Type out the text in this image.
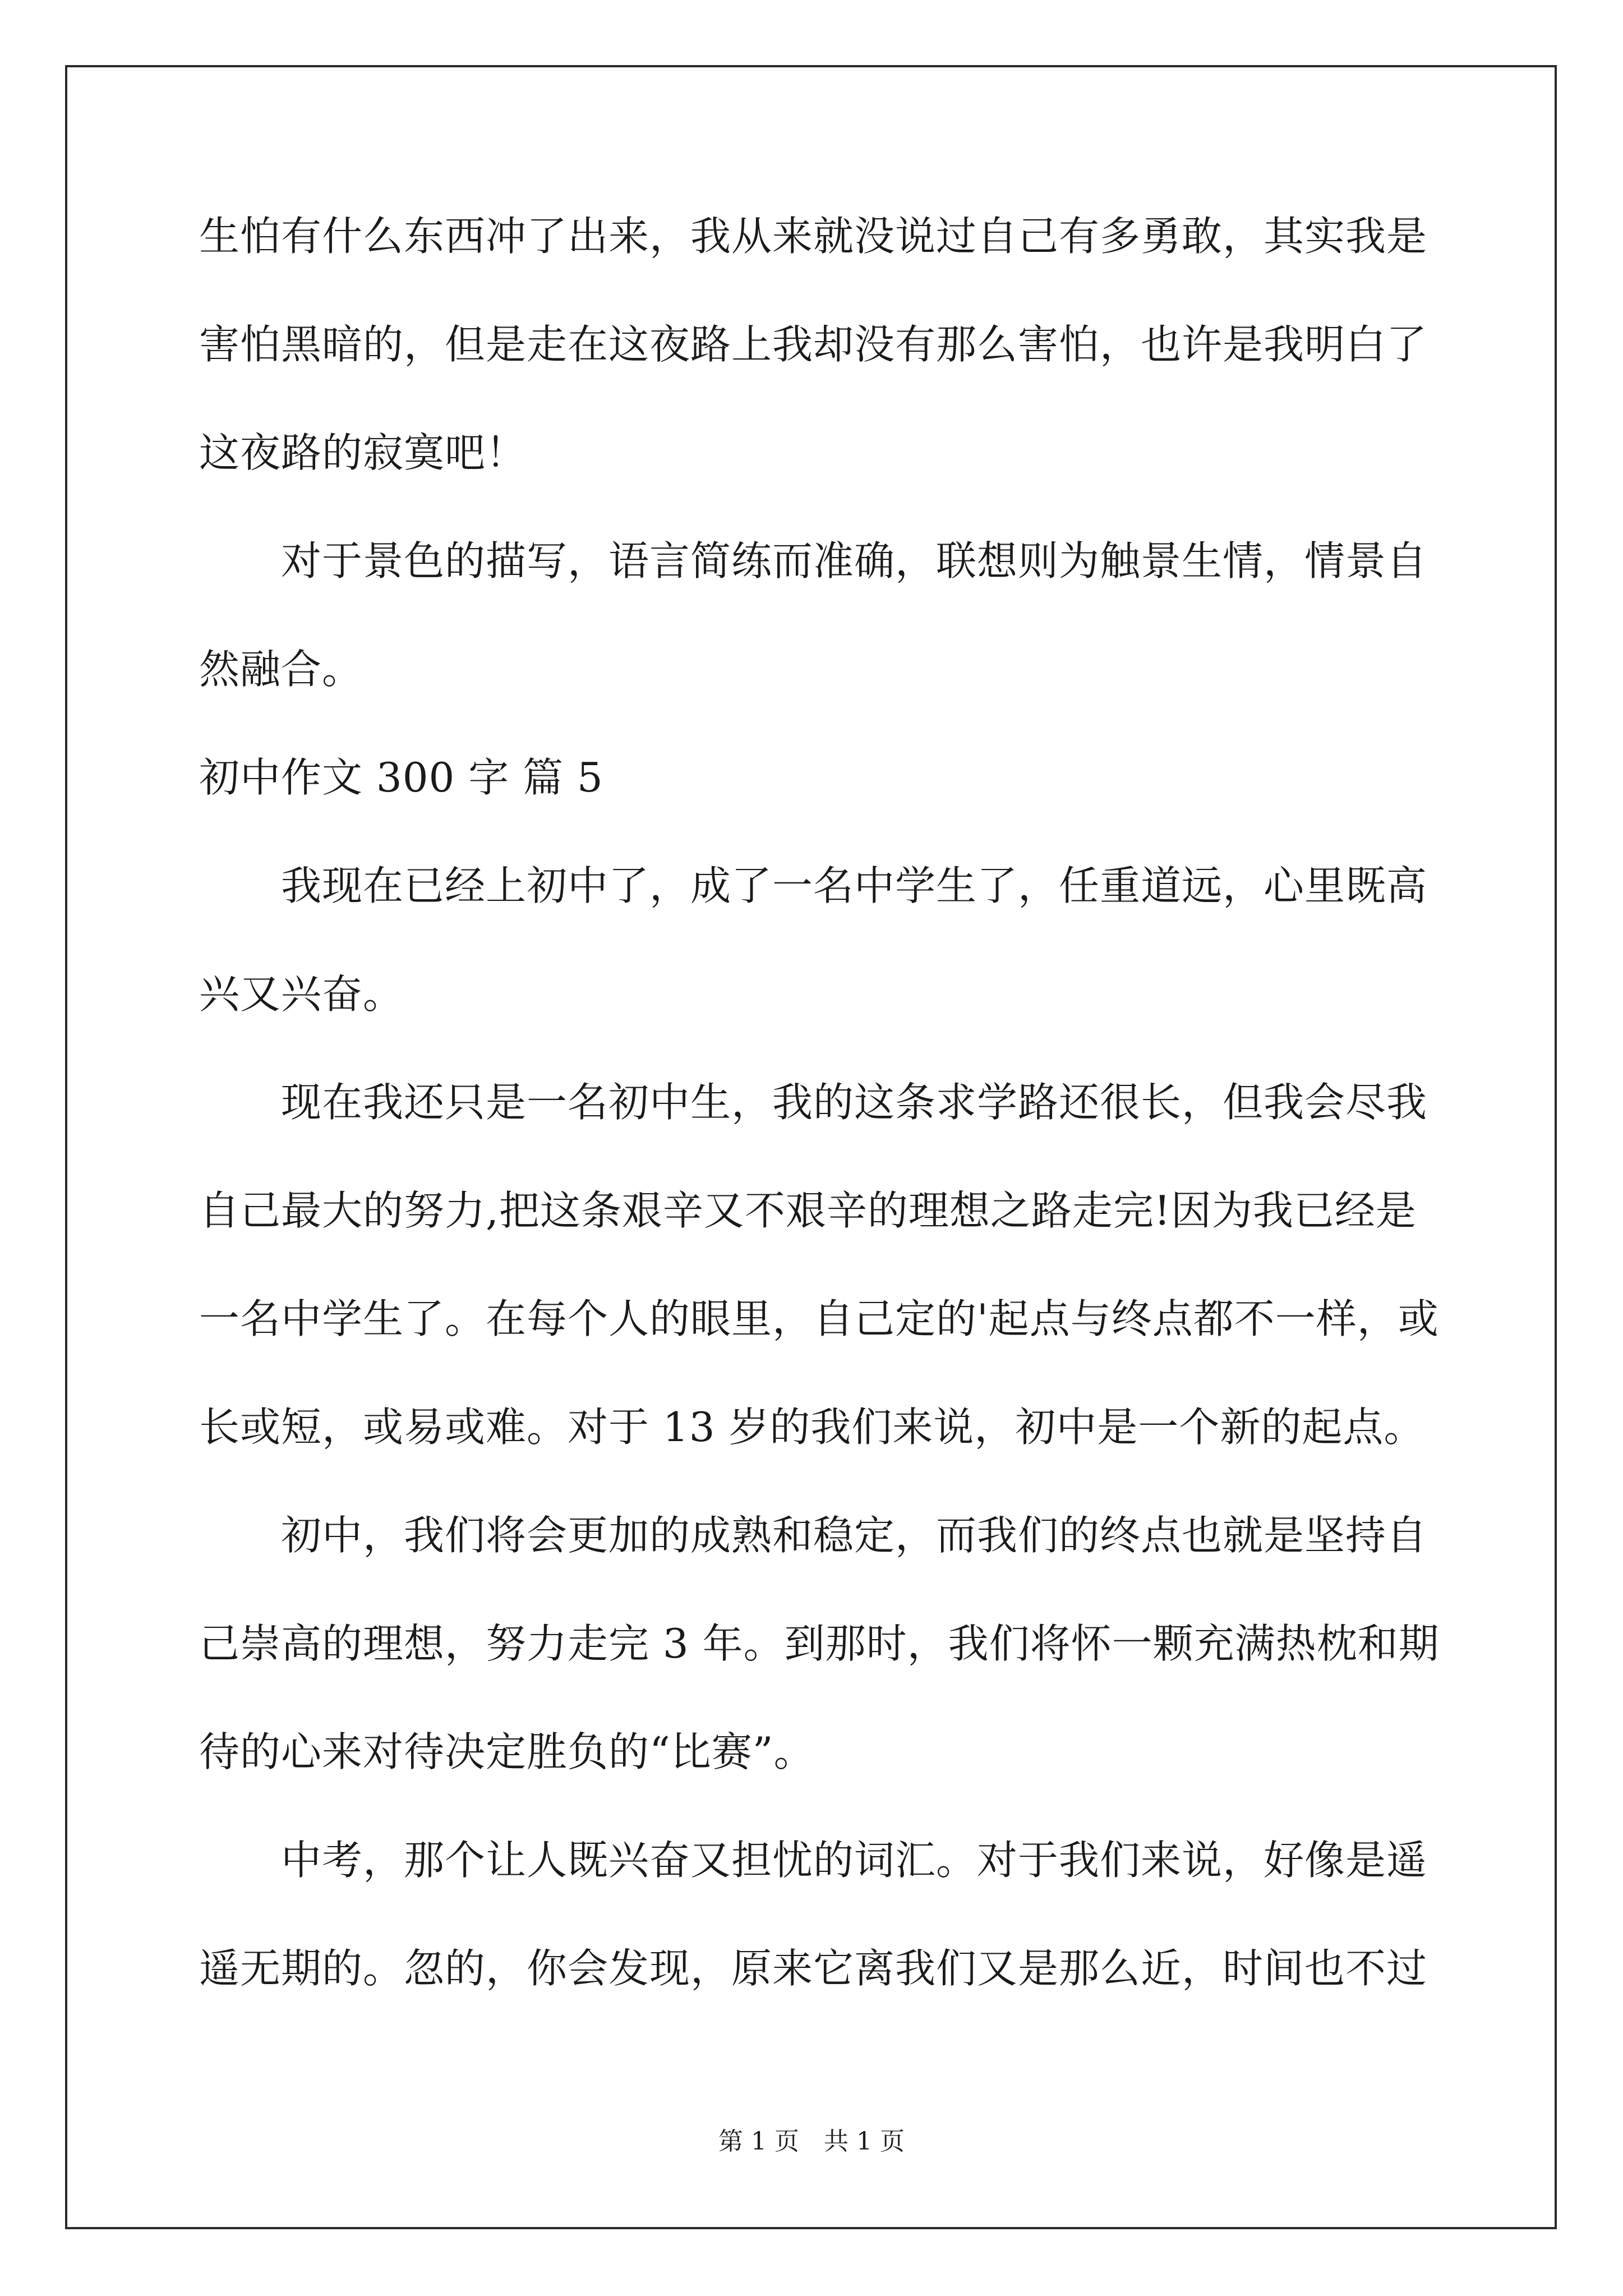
生怕有什么东西冲了出来，我从来就没说过自己有多勇敢，其实我是
害怕黑暗的，但是走在这夜路上我却没有那么害怕，也许是我明白了
这夜路的寂寞吧！
　　对于景色的描写，语言简练而准确，联想则为触景生情，情景自
然融合。
初中作文 300 字 篇 5
　　我现在已经上初中了，成了一名中学生了，任重道远，心里既高
兴又兴奋。
　　现在我还只是一名初中生，我的这条求学路还很长，但我会尽我
自己最大的努力,把这条艰辛又不艰辛的理想之路走完!因为我已经是
一名中学生了。在每个人的眼里，自己定的'起点与终点都不一样，或
长或短，或易或难。对于 13 岁的我们来说，初中是一个新的起点。
　　初中，我们将会更加的成熟和稳定，而我们的终点也就是坚持自
己崇高的理想，努力走完 3 年。到那时，我们将怀一颗充满热枕和期
待的心来对待决定胜负的“比赛”。
　　中考，那个让人既兴奋又担忧的词汇。对于我们来说，好像是遥
遥无期的。忽的，你会发现，原来它离我们又是那么近，时间也不过
第 1 页　共 1 页
